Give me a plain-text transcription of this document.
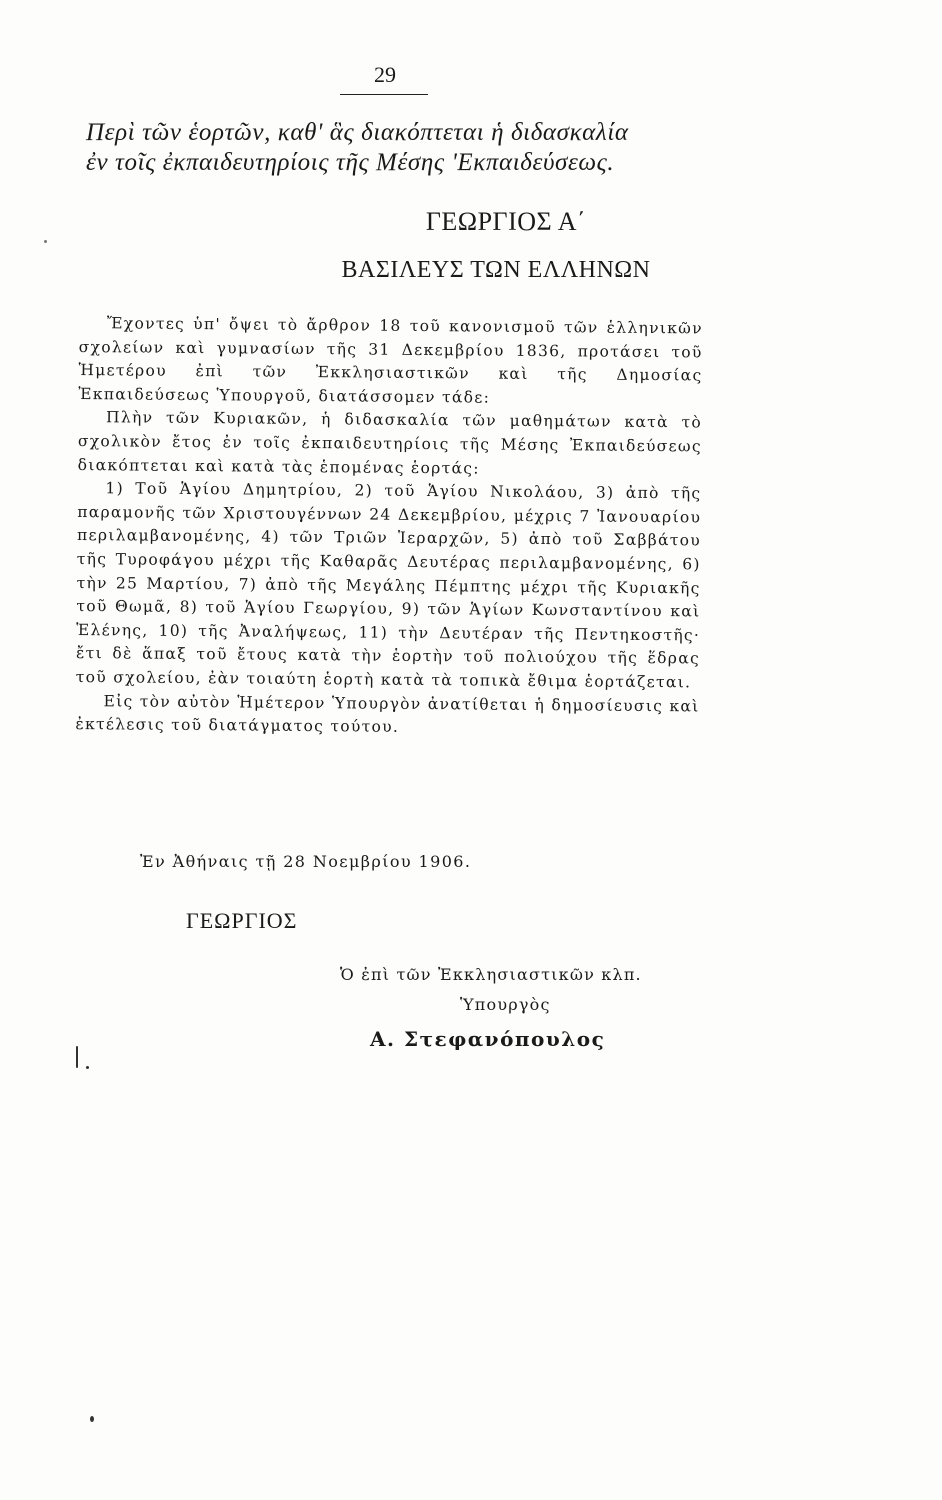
29
Περὶ τῶν ἑορτῶν, καθ' ἃς διακόπτεται ἡ διδασκαλία
ἐν τοῖς ἐκπαιδευτηρίοις τῆς Μέσης 'Εκπαιδεύσεως.
ΓΕΩΡΓΙΟΣ Α΄
ΒΑΣΙΛΕΥΣ ΤΩΝ ΕΛΛΗΝΩΝ

Ἔχοντες ὑπ' ὄψει τὸ ἄρθρον 18 τοῦ κανονισμοῦ τῶν ἑλληνικῶν σχολείων καὶ γυμνασίων τῆς 31 Δεκεμβρίου 1836, προτάσει τοῦ Ἡμετέρου ἐπὶ τῶν Ἐκκλησιαστικῶν καὶ τῆς Δημοσίας Ἐκπαιδεύσεως Ὑπουργοῦ, διατάσσομεν τάδε:

Πλὴν τῶν Κυριακῶν, ἡ διδασκαλία τῶν μαθημάτων κατὰ τὸ σχολικὸν ἔτος ἐν τοῖς ἐκπαιδευτηρίοις τῆς Μέσης Ἐκπαιδεύσεως διακόπτεται καὶ κατὰ τὰς ἑπομένας ἑορτάς:

1) Τοῦ Ἁγίου Δημητρίου, 2) τοῦ Ἁγίου Νικολάου, 3) ἀπὸ τῆς παραμονῆς τῶν Χριστουγέννων 24 Δεκεμβρίου, μέχρις 7 Ἰανουαρίου περιλαμβανομένης, 4) τῶν Τριῶν Ἱεραρχῶν, 5) ἀπὸ τοῦ Σαββάτου τῆς Τυροφάγου μέχρι τῆς Καθαρᾶς Δευτέρας περιλαμβανομένης, 6) τὴν 25 Μαρτίου, 7) ἀπὸ τῆς Μεγάλης Πέμπτης μέχρι τῆς Κυριακῆς τοῦ Θωμᾶ, 8) τοῦ Ἁγίου Γεωργίου, 9) τῶν Ἁγίων Κωνσταντίνου καὶ Ἑλένης, 10) τῆς Ἀναλήψεως, 11) τὴν Δευτέραν τῆς Πεντηκοστῆς· ἔτι δὲ ἅπαξ τοῦ ἔτους κατὰ τὴν ἑορτὴν τοῦ πολιούχου τῆς ἕδρας τοῦ σχολείου, ἐὰν τοιαύτη ἑορτὴ κατὰ τὰ τοπικὰ ἔθιμα ἑορτάζεται.

Εἰς τὸν αὐτὸν Ἡμέτερον Ὑπουργὸν ἀνατίθεται ἡ δημοσίευσις καὶ ἐκτέλεσις τοῦ διατάγματος τούτου.

Ἐν Ἀθήναις τῇ 28 Νοεμβρίου 1906.
ΓΕΩΡΓΙΟΣ
Ὁ ἐπὶ τῶν Ἐκκλησιαστικῶν κλπ.
Ὑπουργὸς
Α. Στεφανόπουλος
